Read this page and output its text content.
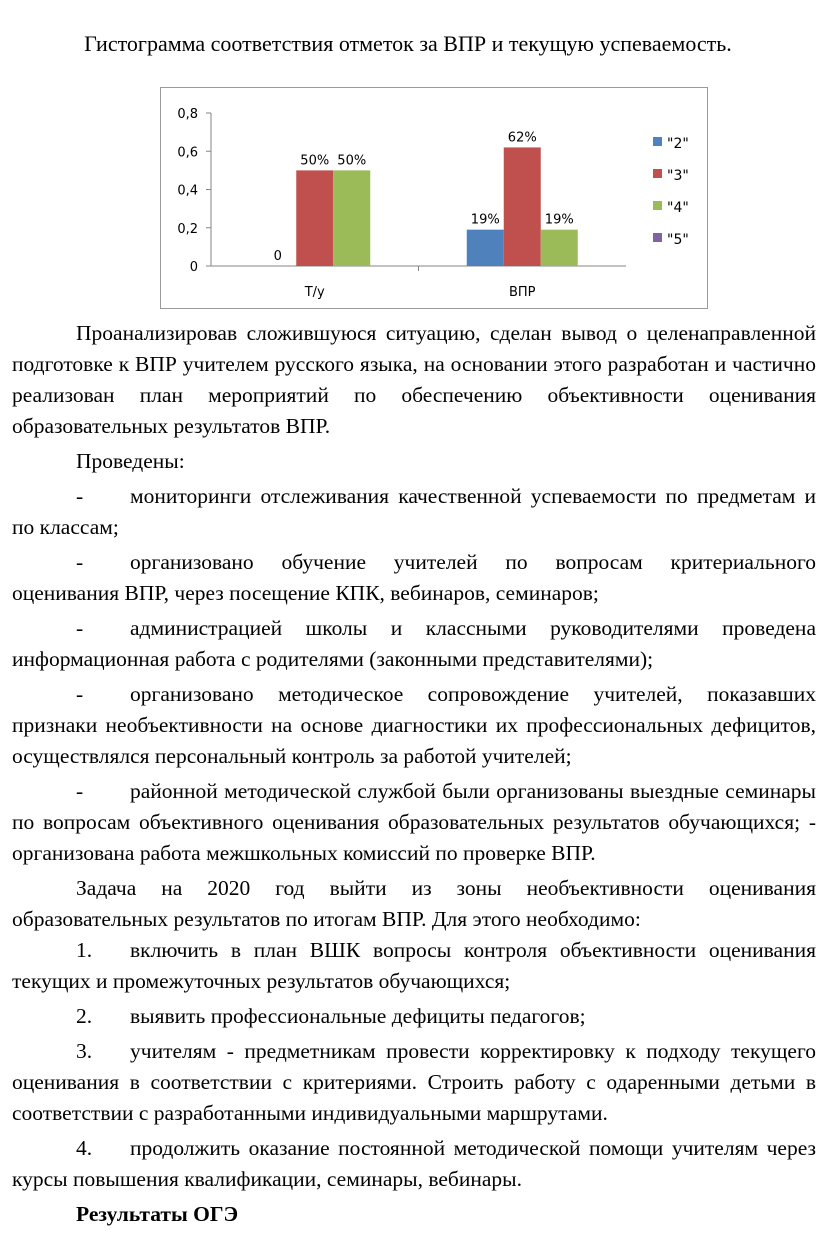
Гистограмма соответствия отметок за ВПР и текущую успеваемость.
0
0,2
0,4
0,6
0,8
Т/у
0
50% 50%
ВПР
19%
62%
19%
"2"
"3"
"4"
"5"

Проанализировав сложившуюся ситуацию, сделан вывод о целенаправленной подготовке к ВПР учителем русского языка, на основании этого разработан и частично реализован план мероприятий по обеспечению объективности оценивания образовательных результатов ВПР.

Проведены:

- мониторинги отслеживания качественной успеваемости по предметам и по классам;

- организовано обучение учителей по вопросам критериального оценивания ВПР, через посещение КПК, вебинаров, семинаров;

- администрацией школы и классными руководителями проведена информационная работа с родителями (законными представителями);

- организовано методическое сопровождение учителей, показавших признаки необъективности на основе диагностики их профессиональных дефицитов, осуществлялся персональный контроль за работой учителей;

- районной методической службой были организованы выездные семинары по вопросам объективного оценивания образовательных результатов обучающихся; - организована работа межшкольных комиссий по проверке ВПР.

Задача на 2020 год выйти из зоны необъективности оценивания образовательных результатов по итогам ВПР. Для этого необходимо:

1. включить в план ВШК вопросы контроля объективности оценивания текущих и промежуточных результатов обучающихся;

2. выявить профессиональные дефициты педагогов;

3. учителям - предметникам провести корректировку к подходу текущего оценивания в соответствии с критериями. Строить работу с одаренными детьми в соответствии с разработанными индивидуальными маршрутами.

4. продолжить оказание постоянной методической помощи учителям через курсы повышения квалификации, семинары, вебинары.

Результаты ОГЭ
